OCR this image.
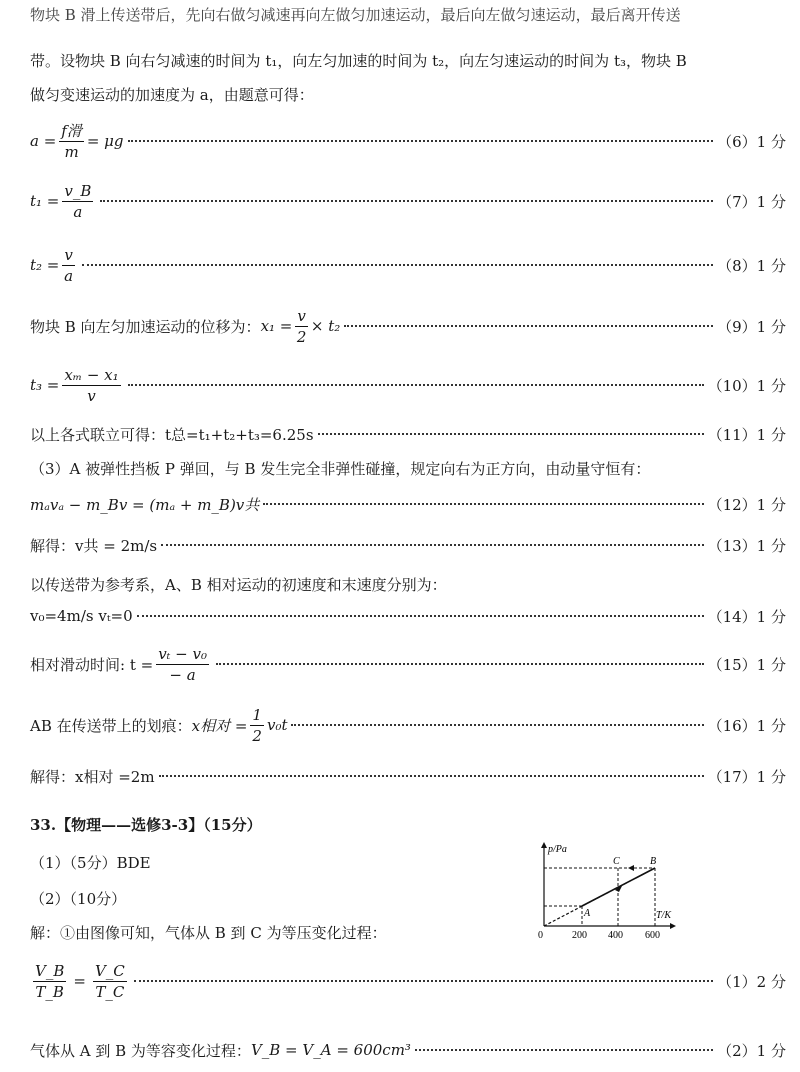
物块 B 滑上传送带后，先向右做匀减速再向左做匀加速运动，最后向左做匀速运动，最后离开传送
带。设物块 B 向右匀减速的时间为 t₁，向左匀加速的时间为 t₂，向左匀速运动的时间为 t₃，物块 B
做匀变速运动的加速度为 a，由题意可得：
$a = \frac{\text{f滑}}{m} = \mu g$	（6）1 分
$t_1 = \frac{v\_B}{a}$	（7）1 分
$t_2 = \frac{v}{a}$	（8）1 分
物块 B 向左匀加速运动的位移为： $x_1 = \frac{v}{2} \times t_2$	（9）1 分
$t_3 = \frac{\text{xₘ − x₁}}{v}$	（10）1 分
以上各式联立可得：t总=t₁+t₂+t₃=6.25s	（11）1 分
（3）A 被弹性挡板 P 弹回，与 B 发生完全非弹性碰撞，规定向右为正方向，由动量守恒有：
mₐvₐ − m_Bv = (mₐ + m_B)v共	（12）1 分
解得：v共 = 2m/s	（13）1 分
以传送带为参考系，A、B 相对运动的初速度和末速度分别为：
v₀=4m/s vₜ=0	（14）1 分
相对滑动时间: $t = \frac{\text{vₜ − v₀}}{- a}$	（15）1 分
AB 在传送带上的划痕： x相对 = $\frac{1}{2} v_0t$	（16）1 分
解得：x相对 =2m	（17）1 分
33.【物理——选修3-3】（15分）
（1）（5分）BDE
（2）（10分）
解：①由图像可知，气体从 B 到 C 为等压变化过程：
p/Pa
T/K
0	200 400 600
A
B
C
$\frac{V\_B}{T\_B} = \frac{V\_C}{T\_C}$	（1）2 分
气体从 A 到 B 为等容变化过程： V_B = V_A = 600cm³	（2）1 分
